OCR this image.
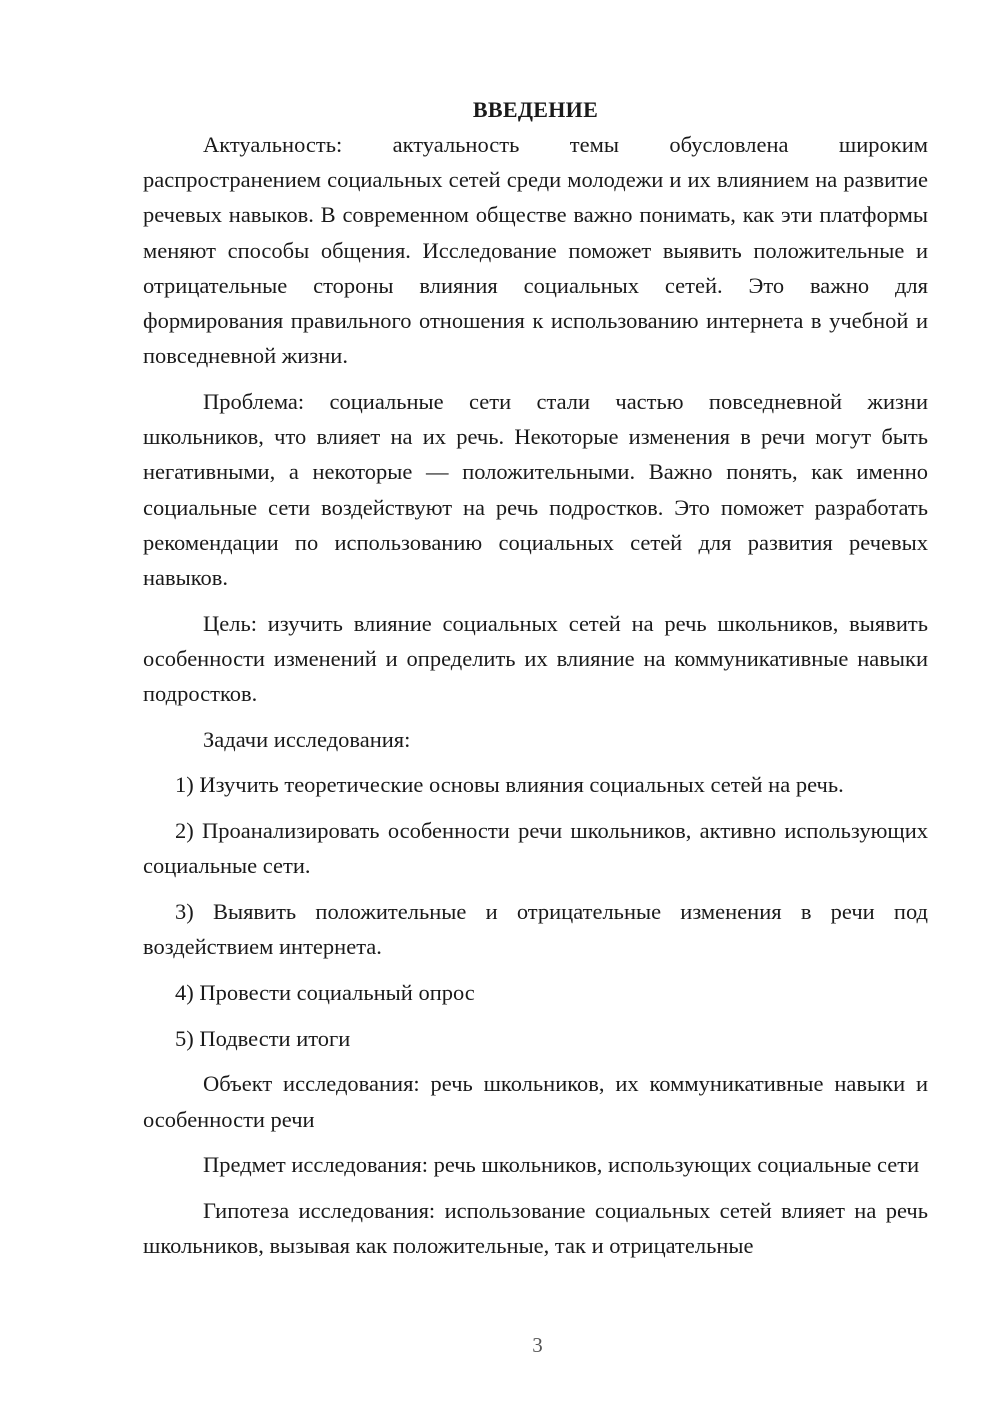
ВВЕДЕНИЕ

Актуальность: актуальность темы обусловлена широким распространением социальных сетей среди молодежи и их влиянием на развитие речевых навыков. В современном обществе важно понимать, как эти платформы меняют способы общения. Исследование поможет выявить положительные и отрицательные стороны влияния социальных сетей. Это важно для формирования правильного отношения к использованию интернета в учебной и повседневной жизни.

Проблема: социальные сети стали частью повседневной жизни школьников, что влияет на их речь. Некоторые изменения в речи могут быть негативными, а некоторые — положительными. Важно понять, как именно социальные сети воздействуют на речь подростков. Это поможет разработать рекомендации по использованию социальных сетей для развития речевых навыков.

Цель: изучить влияние социальных сетей на речь школьников, выявить особенности изменений и определить их влияние на коммуникативные навыки подростков.

Задачи исследования:

1) Изучить теоретические основы влияния социальных сетей на речь.

2) Проанализировать особенности речи школьников, активно использующих социальные сети.

3) Выявить положительные и отрицательные изменения в речи под воздействием интернета.

4) Провести социальный опрос

5) Подвести итоги

Объект исследования: речь школьников, их коммуникативные навыки и особенности речи

Предмет исследования: речь школьников, использующих социальные сети

Гипотеза исследования: использование социальных сетей влияет на речь школьников, вызывая как положительные, так и отрицательные

3
